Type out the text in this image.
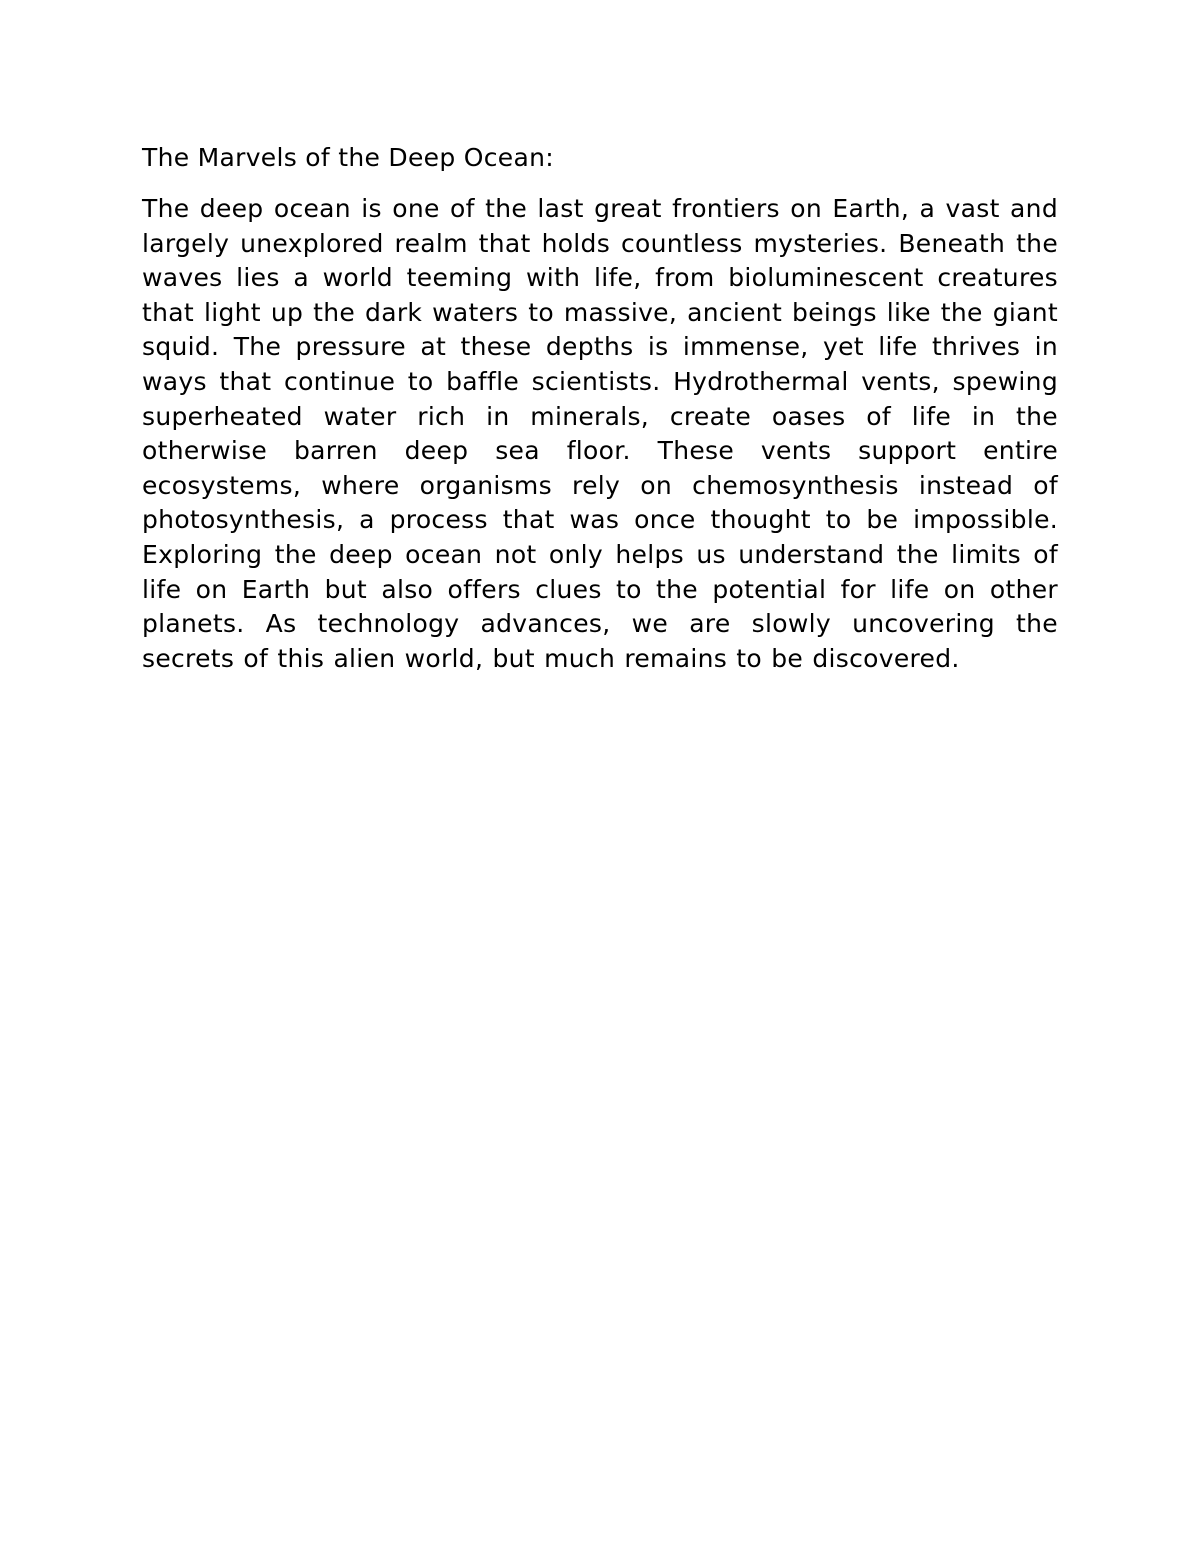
The Marvels of the Deep Ocean:

The deep ocean is one of the last great frontiers on Earth, a vast and largely unexplored realm that holds countless mysteries. Beneath the waves lies a world teeming with life, from bioluminescent creatures that light up the dark waters to massive, ancient beings like the giant squid. The pressure at these depths is immense, yet life thrives in ways that continue to baffle scientists. Hydrothermal vents, spewing superheated water rich in minerals, create oases of life in the otherwise barren deep sea floor. These vents support entire ecosystems, where organisms rely on chemosynthesis instead of photosynthesis, a process that was once thought to be impossible. Exploring the deep ocean not only helps us understand the limits of life on Earth but also offers clues to the potential for life on other planets. As technology advances, we are slowly uncovering the secrets of this alien world, but much remains to be discovered.
